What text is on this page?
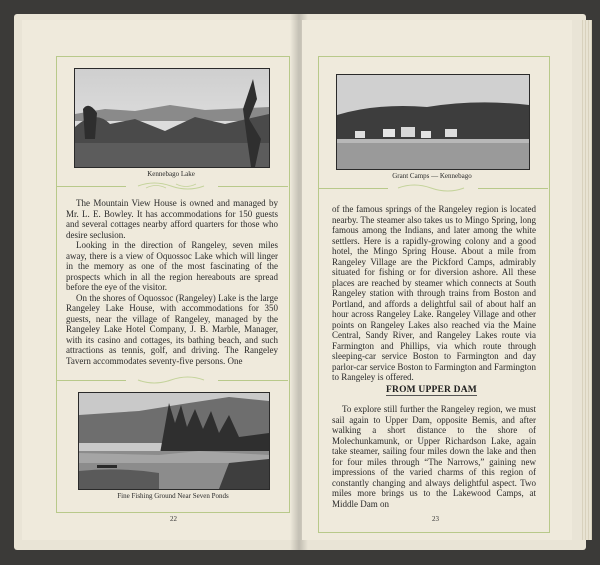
Kennebago Lake

The Mountain View House is owned and managed by Mr. L. E. Bowley. It has accommodations for 150 guests and several cottages nearby afford quarters for those who desire seclusion.

Looking in the direction of Rangeley, seven miles away, there is a view of Oquossoc Lake which will linger in the memory as one of the most fascinating of the prospects which in all the region hereabouts are spread before the eye of the visitor.

On the shores of Oquossoc (Rangeley) Lake is the large Rangeley Lake House, with accommodations for 350 guests, near the village of Rangeley, managed by the Rangeley Lake Hotel Company, J. B. Marble, Manager, with its casino and cottages, its bathing beach, and such attractions as tennis, golf, and driving. The Rangeley Tavern accommodates seventy-five persons. One

Fine Fishing Ground Near Seven Ponds
22
Grant Camps — Kennebago

of the famous springs of the Rangeley region is located nearby. The steamer also takes us to Mingo Spring, long famous among the Indians, and later among the white settlers. Here is a rapidly-growing colony and a good hotel, the Mingo Spring House. About a mile from Rangeley Village are the Pickford Camps, admirably situated for fishing or for diversion ashore. All these places are reached by steamer which connects at South Rangeley station with through trains from Boston and Portland, and affords a delightful sail of about half an hour across Rangeley Lake. Rangeley Village and other points on Rangeley Lakes also reached via the Maine Central, Sandy River, and Rangeley Lakes route via Farmington and Phillips, via which route through sleeping-car service Boston to Farmington and day parlor-car service Boston to Farmington and Farmington to Rangeley is offered.

FROM UPPER DAM

To explore still further the Rangeley region, we must sail again to Upper Dam, opposite Bemis, and after walking a short distance to the shore of Molechunkamunk, or Upper Richardson Lake, again take steamer, sailing four miles down the lake and then for four miles through “The Narrows,” gaining new impressions of the varied charms of this region of constantly changing and always delightful aspect. Two miles more brings us to the Lakewood Camps, at Middle Dam on

23
